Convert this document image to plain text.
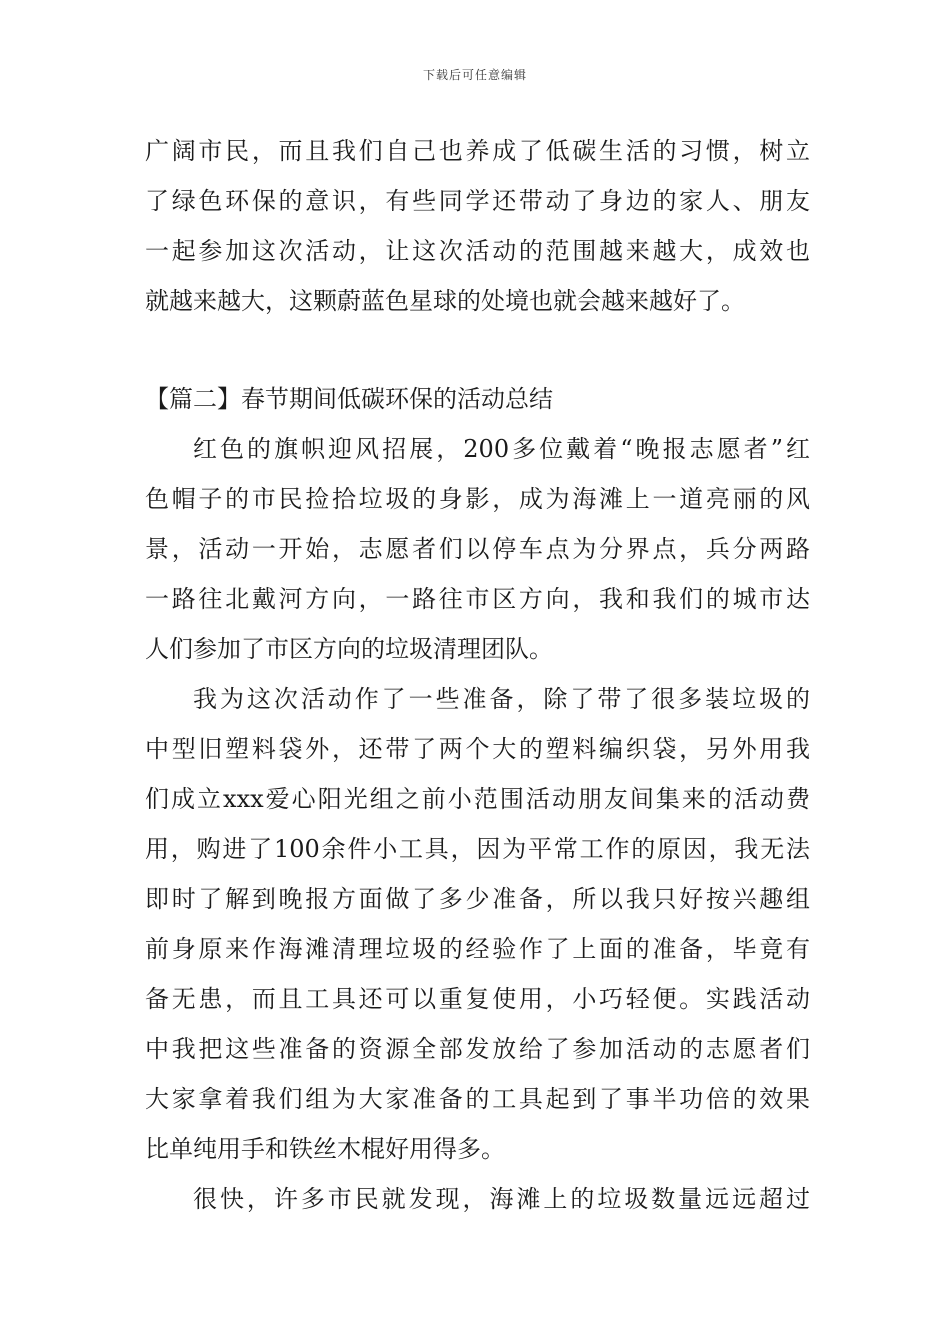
下载后可任意编辑
广阔市民，而且我们自己也养成了低碳生活的习惯，树立
了绿色环保的意识，有些同学还带动了身边的家人、朋友
一起参加这次活动，让这次活动的范围越来越大，成效也
就越来越大，这颗蔚蓝色星球的处境也就会越来越好了。
【篇二】春节期间低碳环保的活动总结
红色的旗帜迎风招展，200多位戴着“晚报志愿者”红
色帽子的市民捡拾垃圾的身影，成为海滩上一道亮丽的风
景，活动一开始，志愿者们以停车点为分界点，兵分两路
一路往北戴河方向，一路往市区方向，我和我们的城市达
人们参加了市区方向的垃圾清理团队。
我为这次活动作了一些准备，除了带了很多装垃圾的
中型旧塑料袋外，还带了两个大的塑料编织袋，另外用我
们成立xxx爱心阳光组之前小范围活动朋友间集来的活动费
用，购进了100余件小工具，因为平常工作的原因，我无法
即时了解到晚报方面做了多少准备，所以我只好按兴趣组
前身原来作海滩清理垃圾的经验作了上面的准备，毕竟有
备无患，而且工具还可以重复使用，小巧轻便。实践活动
中我把这些准备的资源全部发放给了参加活动的志愿者们
大家拿着我们组为大家准备的工具起到了事半功倍的效果
比单纯用手和铁丝木棍好用得多。
很快，许多市民就发现，海滩上的垃圾数量远远超过
